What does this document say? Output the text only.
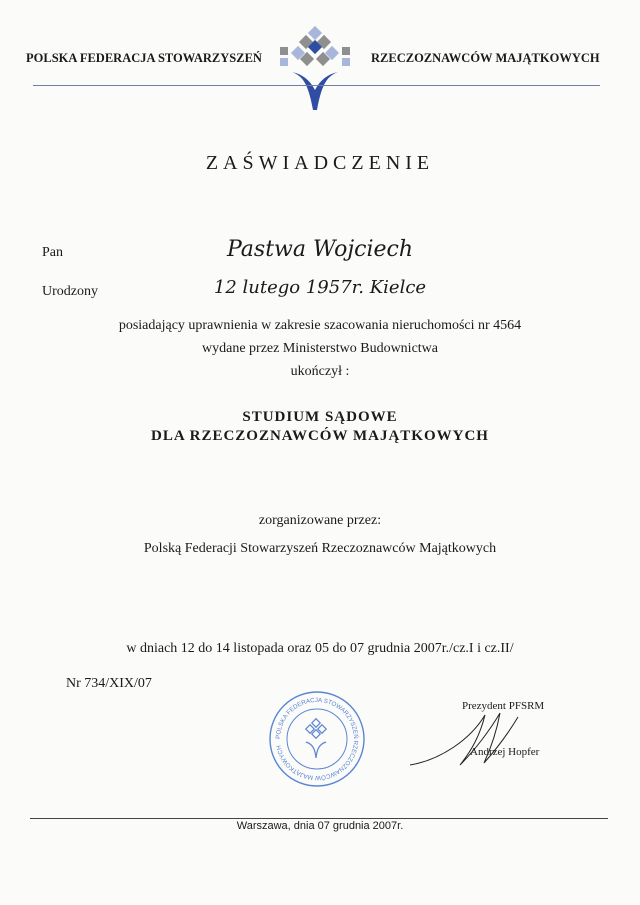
POLSKA FEDERACJA STOWARZYSZEŃ	RZECZOZNAWCÓW MAJĄTKOWYCH
ZAŚWIADCZENIE
Pan	Pastwa Wojciech
Urodzony	12 lutego 1957r. Kielce
posiadający uprawnienia w zakresie szacowania nieruchomości nr 4564
wydane przez Ministerstwo Budownictwa
ukończył :
STUDIUM SĄDOWE
DLA RZECZOZNAWCÓW MAJĄTKOWYCH
zorganizowane przez:
Polską Federacji Stowarzyszeń Rzeczoznawców Majątkowych
w dniach 12 do 14 listopada oraz 05 do 07 grudnia 2007r./cz.I i cz.II/
Nr 734/XIX/07
POLSKA FEDERACJA STOWARZYSZEŃ RZECZOZNAWCÓW MAJĄTKOWYCH
Prezydent PFSRM
Andrzej Hopfer
Warszawa, dnia 07 grudnia 2007r.
